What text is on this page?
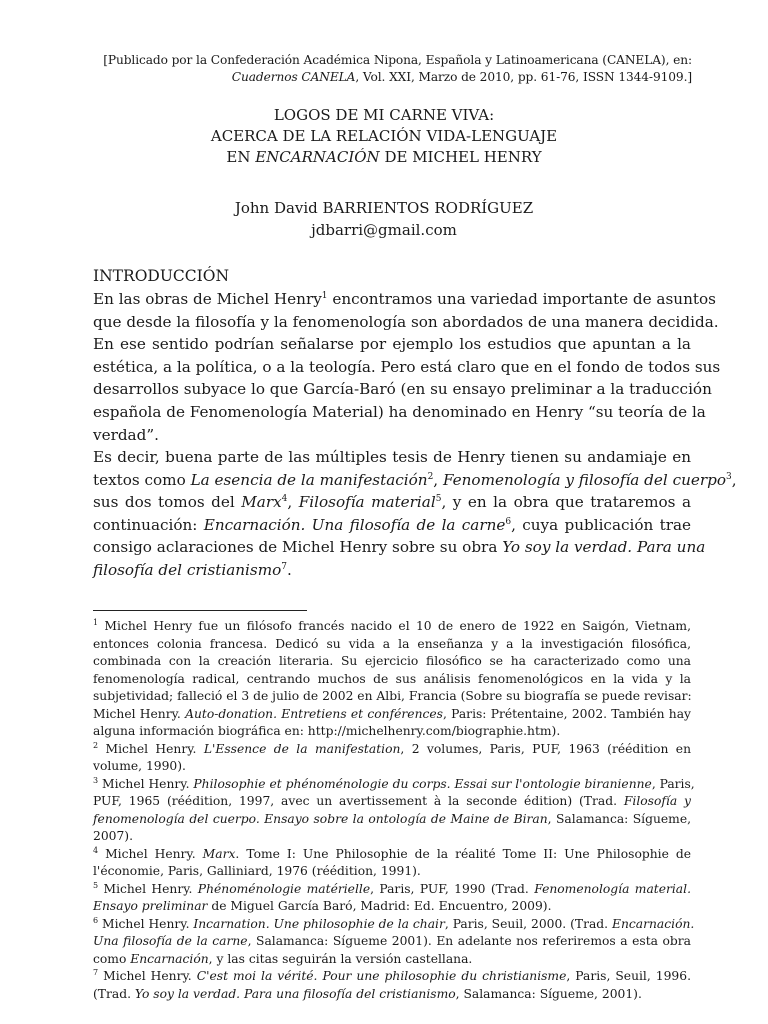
[Publicado por la Confederación Académica Nipona, Española y Latinoamericana (CANELA), en:
Cuadernos CANELA, Vol. XXI, Marzo de 2010, pp. 61-76, ISSN 1344-9109.]
LOGOS DE MI CARNE VIVA:
ACERCA DE LA RELACIÓN VIDA-LENGUAJE
EN ENCARNACIÓN DE MICHEL HENRY
John David BARRIENTOS RODRÍGUEZ
jdbarri@gmail.com
INTRODUCCIÓN
En las obras de Michel Henry$^1$ encontramos una variedad importante de asuntos
que desde la filosofía y la fenomenología son abordados de una manera decidida.
En ese sentido podrían señalarse por ejemplo los estudios que apuntan a la
estética, a la política, o a la teología. Pero está claro que en el fondo de todos sus
desarrollos subyace lo que García-Baró (en su ensayo preliminar a la traducción
española de Fenomenología Material) ha denominado en Henry “su teoría de la
verdad”.
Es decir, buena parte de las múltiples tesis de Henry tienen su andamiaje en
textos como La esencia de la manifestación$^2$, Fenomenología y filosofía del cuerpo$^3$,
sus dos tomos del Marx$^4$, Filosofía material$^5$, y en la obra que trataremos a
continuación: Encarnación. Una filosofía de la carne$^6$, cuya publicación trae
consigo aclaraciones de Michel Henry sobre su obra Yo soy la verdad. Para una
filosofía del cristianismo$^7$.
$^1$ Michel Henry fue un filósofo francés nacido el 10 de enero de 1922 en Saigón, Vietnam,
entonces colonia francesa. Dedicó su vida a la enseñanza y a la investigación filosófica,
combinada con la creación literaria. Su ejercicio filosófico se ha caracterizado como una
fenomenología radical, centrando muchos de sus análisis fenomenológicos en la vida y la
subjetividad; falleció el 3 de julio de 2002 en Albi, Francia (Sobre su biografía se puede revisar:
Michel Henry. Auto-donation. Entretiens et conférences, Paris: Prétentaine, 2002. También hay
alguna información biográfica en: http://michelhenry.com/biographie.htm).
$^2$ Michel Henry. L'Essence de la manifestation, 2 volumes, Paris, PUF, 1963 (réédition en
volume, 1990).
$^3$ Michel Henry. Philosophie et phénoménologie du corps. Essai sur l'ontologie biranienne, Paris,
PUF, 1965 (réédition, 1997, avec un avertissement à la seconde édition) (Trad. Filosofía y
fenomenología del cuerpo. Ensayo sobre la ontología de Maine de Biran, Salamanca: Sígueme,
2007).
$^4$ Michel Henry. Marx. Tome I: Une Philosophie de la réalité Tome II: Une Philosophie de
l'économie, Paris, Galliniard, 1976 (réédition, 1991).
$^5$ Michel Henry. Phénoménologie matérielle, Paris, PUF, 1990 (Trad. Fenomenología material.
Ensayo preliminar de Miguel García Baró, Madrid: Ed. Encuentro, 2009).
$^6$ Michel Henry. Incarnation. Une philosophie de la chair, Paris, Seuil, 2000. (Trad. Encarnación.
Una filosofía de la carne, Salamanca: Sígueme 2001). En adelante nos referiremos a esta obra
como Encarnación, y las citas seguirán la versión castellana.
$^7$ Michel Henry. C'est moi la vérité. Pour une philosophie du christianisme, Paris, Seuil, 1996.
(Trad. Yo soy la verdad. Para una filosofía del cristianismo, Salamanca: Sígueme, 2001).
